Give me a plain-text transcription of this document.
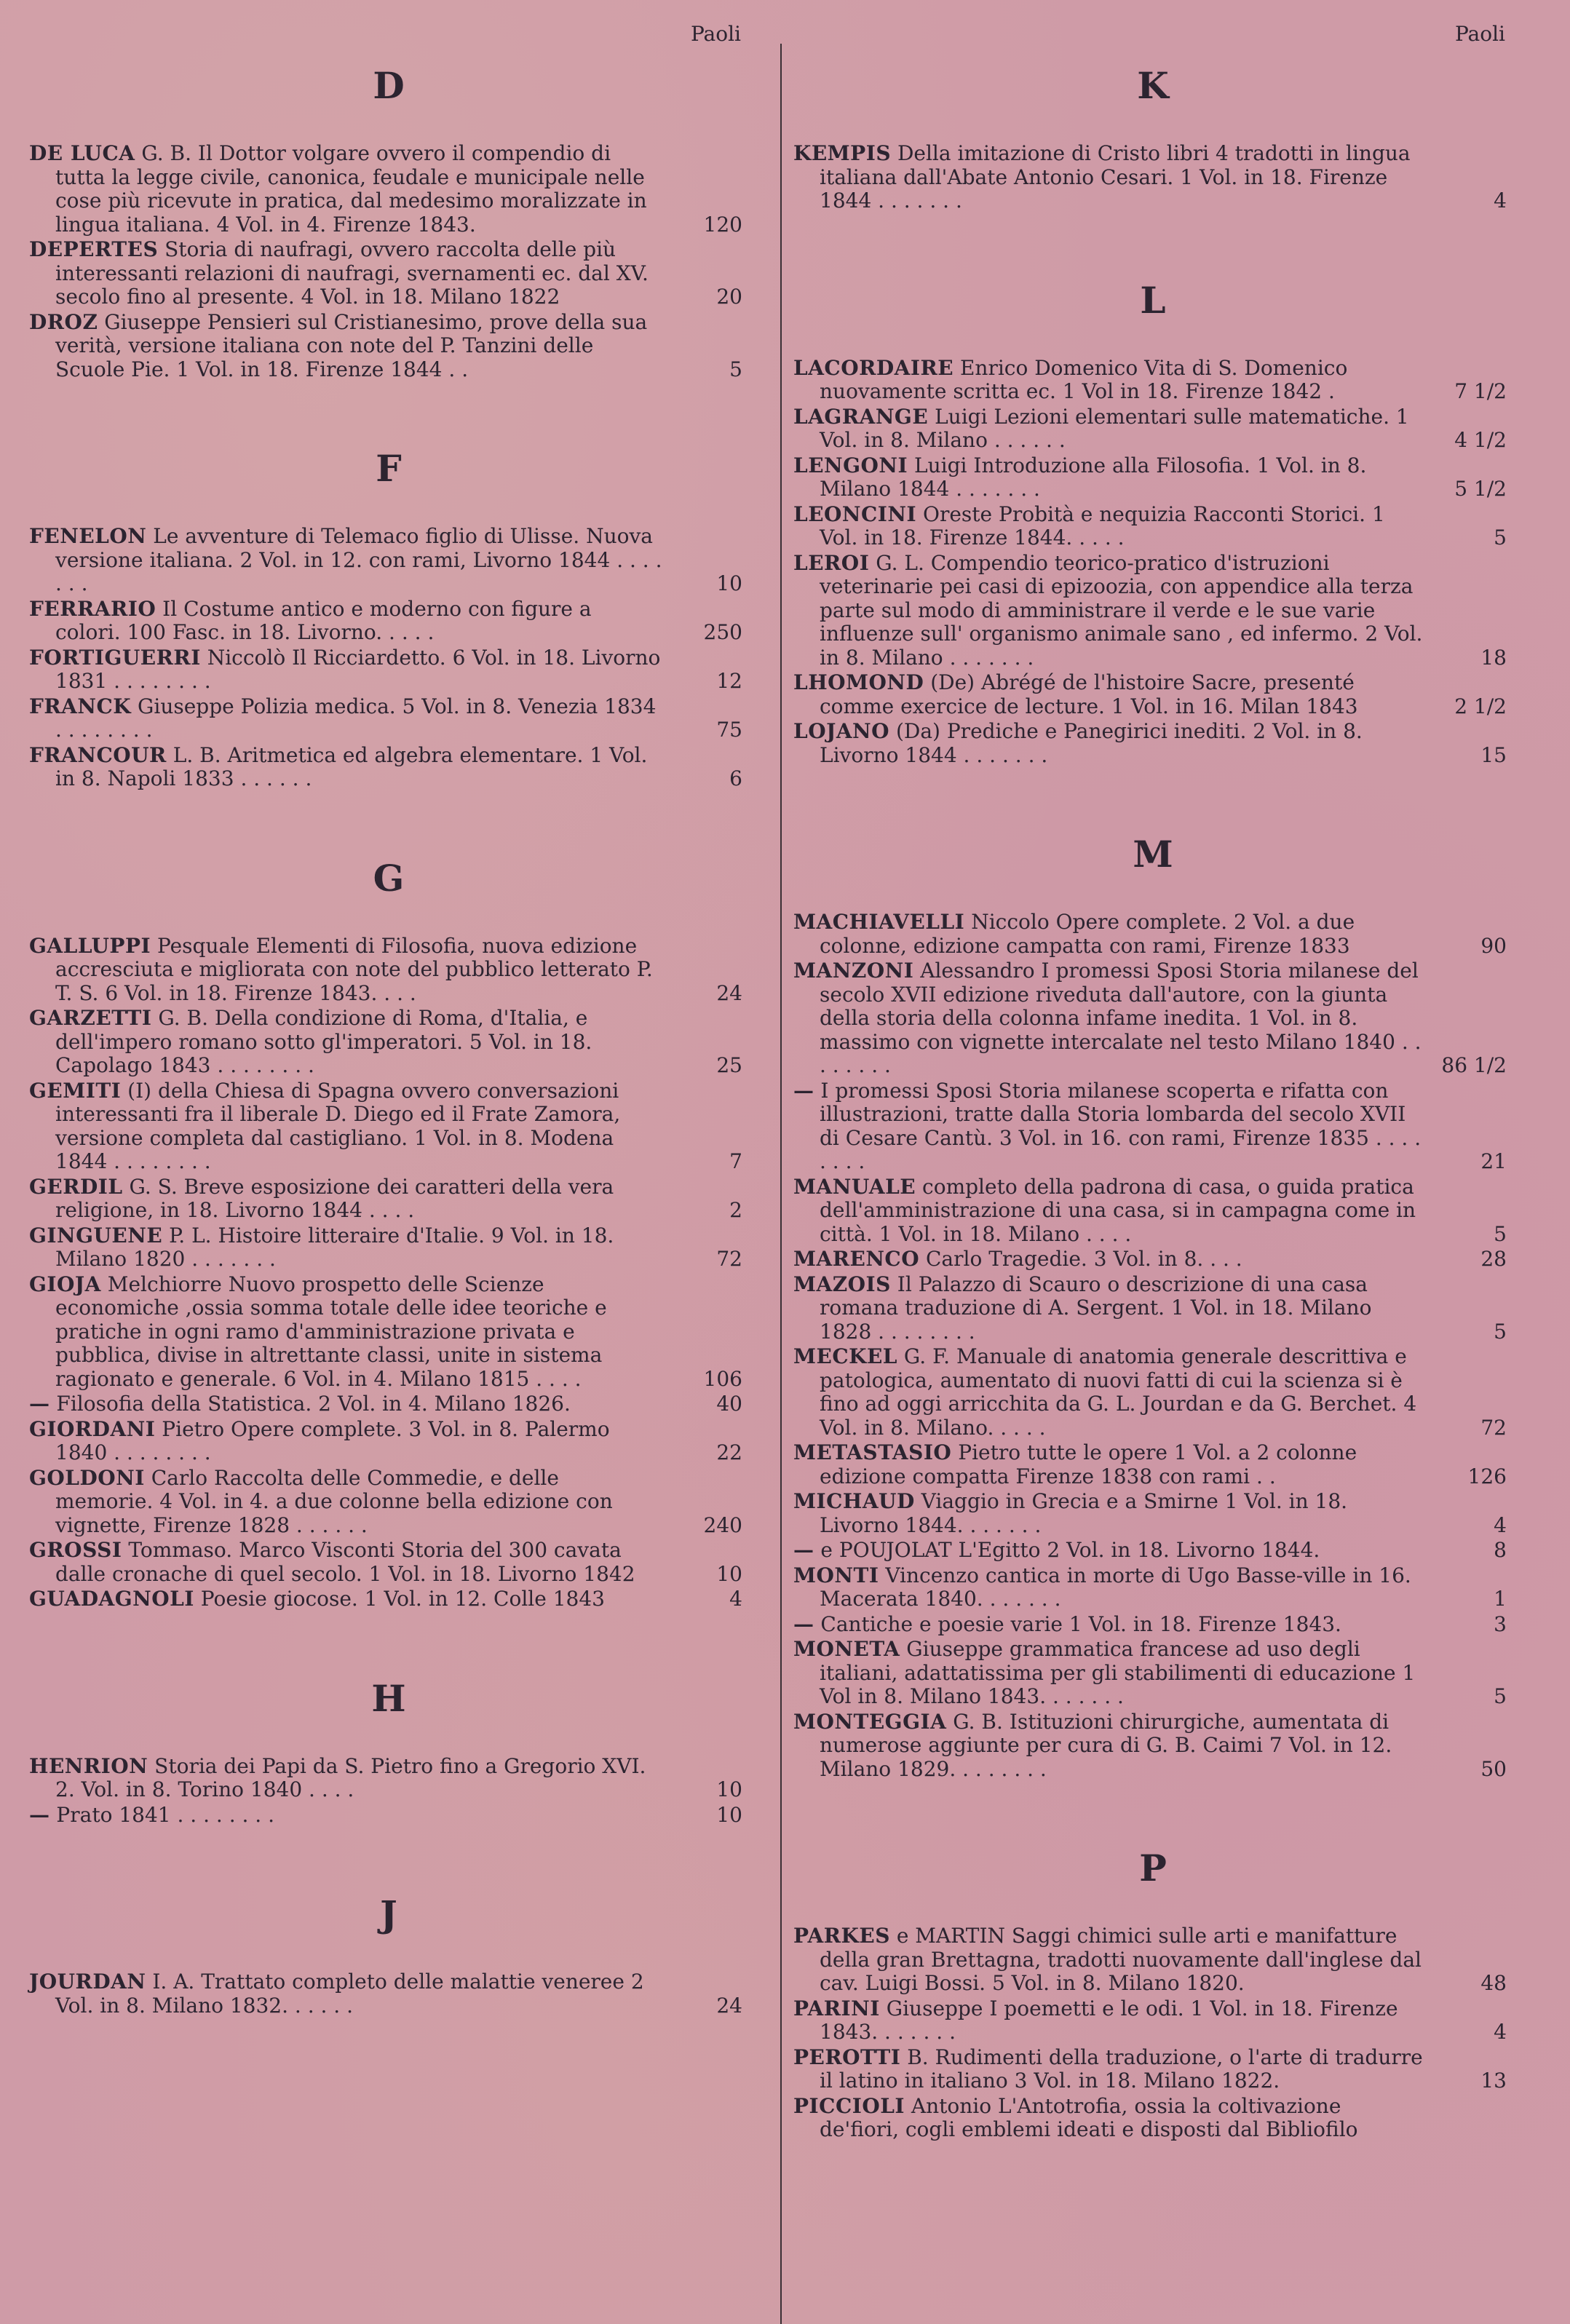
Paoli
D
DE LUCA G. B. Il Dottor volgare ovvero il compendio di tutta la legge civile, canonica, feudale e municipale nelle cose più ricevute in pratica, dal medesimo moralizzate in lingua italiana. 4 Vol. in 4. Firenze 1843.	120
DEPERTES Storia di naufragi, ovvero raccolta delle più interessanti relazioni di naufragi, svernamenti ec. dal XV. secolo fino al presente. 4 Vol. in 18. Milano 1822	20
DROZ Giuseppe Pensieri sul Cristianesimo, prove della sua verità, versione italiana con note del P. Tanzini delle Scuole Pie. 1 Vol. in 18. Firenze 1844 . .	5
F
FENELON Le avventure di Telemaco figlio di Ulisse. Nuova versione italiana. 2 Vol. in 12. con rami, Livorno 1844 . . . . . . .	10
FERRARIO Il Costume antico e moderno con figure a colori. 100 Fasc. in 18. Livorno. . . . .	250
FORTIGUERRI Niccolò Il Ricciardetto. 6 Vol. in 18. Livorno 1831 . . . . . . . .	12
FRANCK Giuseppe Polizia medica. 5 Vol. in 8. Venezia 1834 . . . . . . . .	75
FRANCOUR L. B. Aritmetica ed algebra elementare. 1 Vol. in 8. Napoli 1833 . . . . . .	6
G
GALLUPPI Pesquale Elementi di Filosofia, nuova edizione accresciuta e migliorata con note del pubblico letterato P. T. S. 6 Vol. in 18. Firenze 1843. . . .	24
GARZETTI G. B. Della condizione di Roma, d'Italia, e dell'impero romano sotto gl'imperatori. 5 Vol. in 18. Capolago 1843 . . . . . . . .	25
GEMITI (I) della Chiesa di Spagna ovvero conversazioni interessanti fra il liberale D. Diego ed il Frate Zamora, versione completa dal castigliano. 1 Vol. in 8. Modena 1844 . . . . . . . .	7
GERDIL G. S. Breve esposizione dei caratteri della vera religione, in 18. Livorno 1844 . . . .	2
GINGUENE P. L. Histoire litteraire d'Italie. 9 Vol. in 18. Milano 1820 . . . . . . .	72
GIOJA Melchiorre Nuovo prospetto delle Scienze economiche ,ossia somma totale delle idee teoriche e pratiche in ogni ramo d'amministrazione privata e pubblica, divise in altrettante classi, unite in sistema ragionato e generale. 6 Vol. in 4. Milano 1815 . . . .	106
— Filosofia della Statistica. 2 Vol. in 4. Milano 1826.	40
GIORDANI Pietro Opere complete. 3 Vol. in 8. Palermo 1840 . . . . . . . .	22
GOLDONI Carlo Raccolta delle Commedie, e delle memorie. 4 Vol. in 4. a due colonne bella edizione con vignette, Firenze 1828 . . . . . .	240
GROSSI Tommaso. Marco Visconti Storia del 300 cavata dalle cronache di quel secolo. 1 Vol. in 18. Livorno 1842	10
GUADAGNOLI Poesie giocose. 1 Vol. in 12. Colle 1843	4
H
HENRION Storia dei Papi da S. Pietro fino a Gregorio XVI. 2. Vol. in 8. Torino 1840 . . . .	10
— Prato 1841 . . . . . . . .	10
J
JOURDAN I. A. Trattato completo delle malattie veneree 2 Vol. in 8. Milano 1832. . . . . .	24
Paoli
K
KEMPIS Della imitazione di Cristo libri 4 tradotti in lingua italiana dall'Abate Antonio Cesari. 1 Vol. in 18. Firenze 1844 . . . . . . .	4
L
LACORDAIRE Enrico Domenico Vita di S. Domenico nuovamente scritta ec. 1 Vol in 18. Firenze 1842 .	7 1/2
LAGRANGE Luigi Lezioni elementari sulle matematiche. 1 Vol. in 8. Milano . . . . . .	4 1/2
LENGONI Luigi Introduzione alla Filosofia. 1 Vol. in 8. Milano 1844 . . . . . . .	5 1/2
LEONCINI Oreste Probità e nequizia Racconti Storici. 1 Vol. in 18. Firenze 1844. . . . .	5
LEROI G. L. Compendio teorico-pratico d'istruzioni veterinarie pei casi di epizoozia, con appendice alla terza parte sul modo di amministrare il verde e le sue varie influenze sull' organismo animale sano , ed infermo. 2 Vol. in 8. Milano . . . . . . .	18
LHOMOND (De) Abrégé de l'histoire Sacre, presenté comme exercice de lecture. 1 Vol. in 16. Milan 1843	2 1/2
LOJANO (Da) Prediche e Panegirici inediti. 2 Vol. in 8. Livorno 1844 . . . . . . .	15
M
MACHIAVELLI Niccolo Opere complete. 2 Vol. a due colonne, edizione campatta con rami, Firenze 1833	90
MANZONI Alessandro I promessi Sposi Storia milanese del secolo XVII edizione riveduta dall'autore, con la giunta della storia della colonna infame inedita. 1 Vol. in 8. massimo con vignette intercalate nel testo Milano 1840 . . . . . . . .	86 1/2
— I promessi Sposi Storia milanese scoperta e rifatta con illustrazioni, tratte dalla Storia lombarda del secolo XVII di Cesare Cantù. 3 Vol. in 16. con rami, Firenze 1835 . . . . . . . .	21
MANUALE completo della padrona di casa, o guida pratica dell'amministrazione di una casa, si in campagna come in città. 1 Vol. in 18. Milano . . . .	5
MARENCO Carlo Tragedie. 3 Vol. in 8. . . .	28
MAZOIS Il Palazzo di Scauro o descrizione di una casa romana traduzione di A. Sergent. 1 Vol. in 18. Milano 1828 . . . . . . . .	5
MECKEL G. F. Manuale di anatomia generale descrittiva e patologica, aumentato di nuovi fatti di cui la scienza si è fino ad oggi arricchita da G. L. Jourdan e da G. Berchet. 4 Vol. in 8. Milano. . . . .	72
METASTASIO Pietro tutte le opere 1 Vol. a 2 colonne edizione compatta Firenze 1838 con rami . .	126
MICHAUD Viaggio in Grecia e a Smirne 1 Vol. in 18. Livorno 1844. . . . . . .	4
— e POUJOLAT L'Egitto 2 Vol. in 18. Livorno 1844.	8
MONTI Vincenzo cantica in morte di Ugo Basse-ville in 16. Macerata 1840. . . . . . .	1
— Cantiche e poesie varie 1 Vol. in 18. Firenze 1843.	3
MONETA Giuseppe grammatica francese ad uso degli italiani, adattatissima per gli stabilimenti di educazione 1 Vol in 8. Milano 1843. . . . . . .	5
MONTEGGIA G. B. Istituzioni chirurgiche, aumentata di numerose aggiunte per cura di G. B. Caimi 7 Vol. in 12. Milano 1829. . . . . . . .	50
P
PARKES e MARTIN Saggi chimici sulle arti e manifatture della gran Brettagna, tradotti nuovamente dall'inglese dal cav. Luigi Bossi. 5 Vol. in 8. Milano 1820.	48
PARINI Giuseppe I poemetti e le odi. 1 Vol. in 18. Firenze 1843. . . . . . .	4
PEROTTI B. Rudimenti della traduzione, o l'arte di tradurre il latino in italiano 3 Vol. in 18. Milano 1822.	13
PICCIOLI Antonio L'Antotrofia, ossia la coltivazione de'fiori, cogli emblemi ideati e disposti dal Bibliofilo
